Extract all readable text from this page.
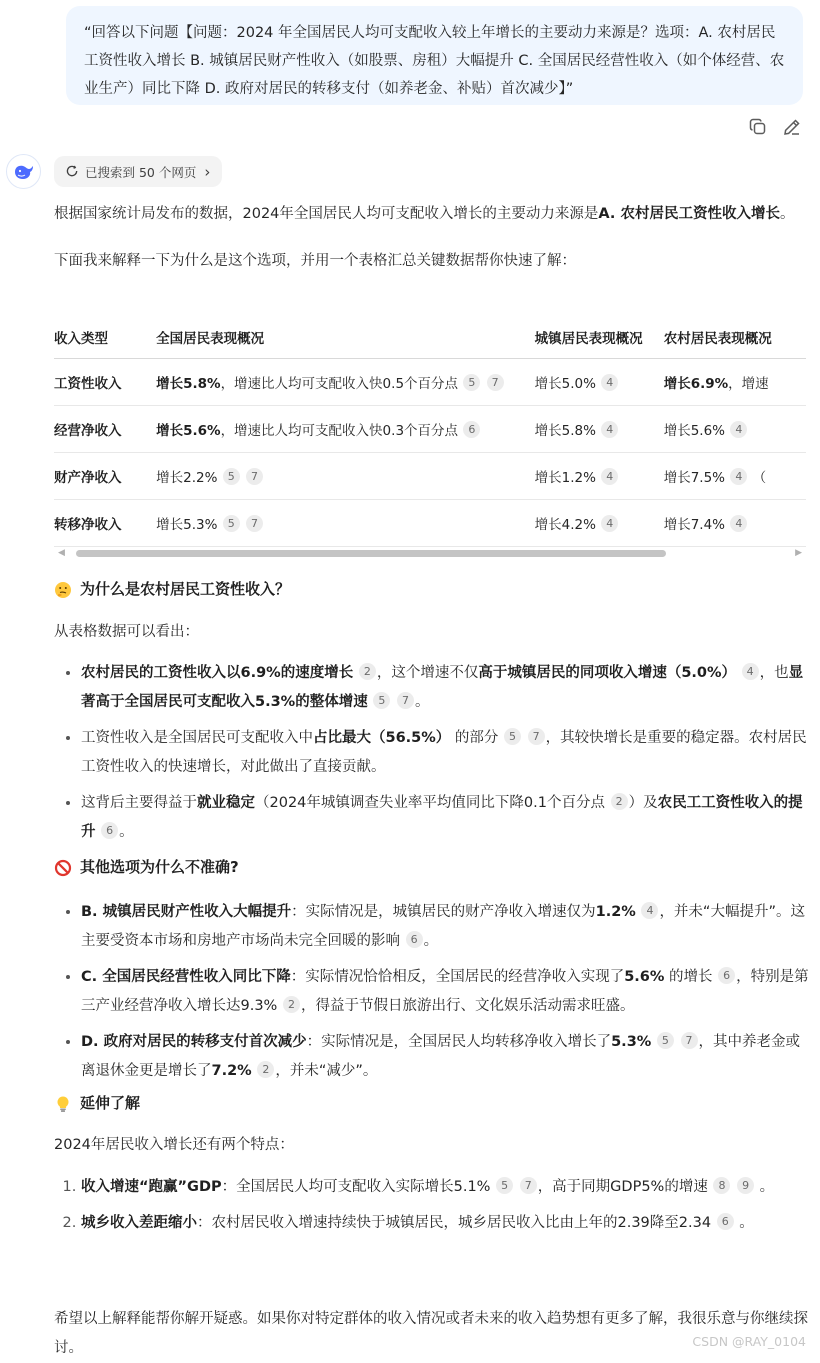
“回答以下问题【问题：2024 年全国居民人均可支配收入较上年增长的主要动力来源是？选项：A. 农村居民工资性收入增长 B. 城镇居民财产性收入（如股票、房租）大幅提升 C. 全国居民经营性收入（如个体经营、农业生产）同比下降 D. 政府对居民的转移支付（如养老金、补贴）首次减少】”
已搜索到 50 个网页 ›

根据国家统计局发布的数据，2024年全国居民人均可支配收入增长的主要动力来源是A. 农村居民工资性收入增长。

下面我来解释一下为什么是这个选项，并用一个表格汇总关键数据帮你快速了解：

收入类型	全国居民表现概况	城镇居民表现概况	农村居民表现概况
工资性收入	增长5.8%，增速比人均可支配收入快0.5个百分点 5 7	增长5.0% 4	增长6.9%，增速
经营净收入	增长5.6%，增速比人均可支配收入快0.3个百分点 6	增长5.8% 4	增长5.6% 4
财产净收入	增长2.2% 5 7	增长1.2% 4	增长7.5% 4 （
转移净收入	增长5.3% 5 7	增长4.2% 4	增长7.4% 4
◀	▶
为什么是农村居民工资性收入？

从表格数据可以看出：

• 农村居民的工资性收入以6.9%的速度增长 2 ，这个增速不仅高于城镇居民的同项收入增速（5.0%） 4 ，也显著高于全国居民可支配收入5.3%的整体增速 5 7 。
• 工资性收入是全国居民可支配收入中占比最大（56.5%） 的部分 5 7 ，其较快增长是重要的稳定器。农村居民工资性收入的快速增长，对此做出了直接贡献。
• 这背后主要得益于就业稳定（2024年城镇调查失业率平均值同比下降0.1个百分点 2 ）及农民工工资性收入的提升 6 。
其他选项为什么不准确?
• B. 城镇居民财产性收入大幅提升：实际情况是，城镇居民的财产净收入增速仅为1.2% 4 ，并未“大幅提升”。这主要受资本市场和房地产市场尚未完全回暖的影响 6 。
• C. 全国居民经营性收入同比下降：实际情况恰恰相反，全国居民的经营净收入实现了5.6% 的增长 6 ，特别是第三产业经营净收入增长达9.3% 2 ，得益于节假日旅游出行、文化娱乐活动需求旺盛。
• D. 政府对居民的转移支付首次减少：实际情况是，全国居民人均转移净收入增长了5.3% 5 7 ，其中养老金或离退休金更是增长了7.2% 2 ，并未“减少”。
延伸了解

2024年居民收入增长还有两个特点：

1. 收入增速“跑赢”GDP：全国居民人均可支配收入实际增长5.1% 5 7 ，高于同期GDP5%的增速 8 9 。
2. 城乡收入差距缩小：农村居民收入增速持续快于城镇居民，城乡居民收入比由上年的2.39降至2.34 6 。

希望以上解释能帮你解开疑惑。如果你对特定群体的收入情况或者未来的收入趋势想有更多了解，我很乐意与你继续探讨。	CSDN @RAY_0104
